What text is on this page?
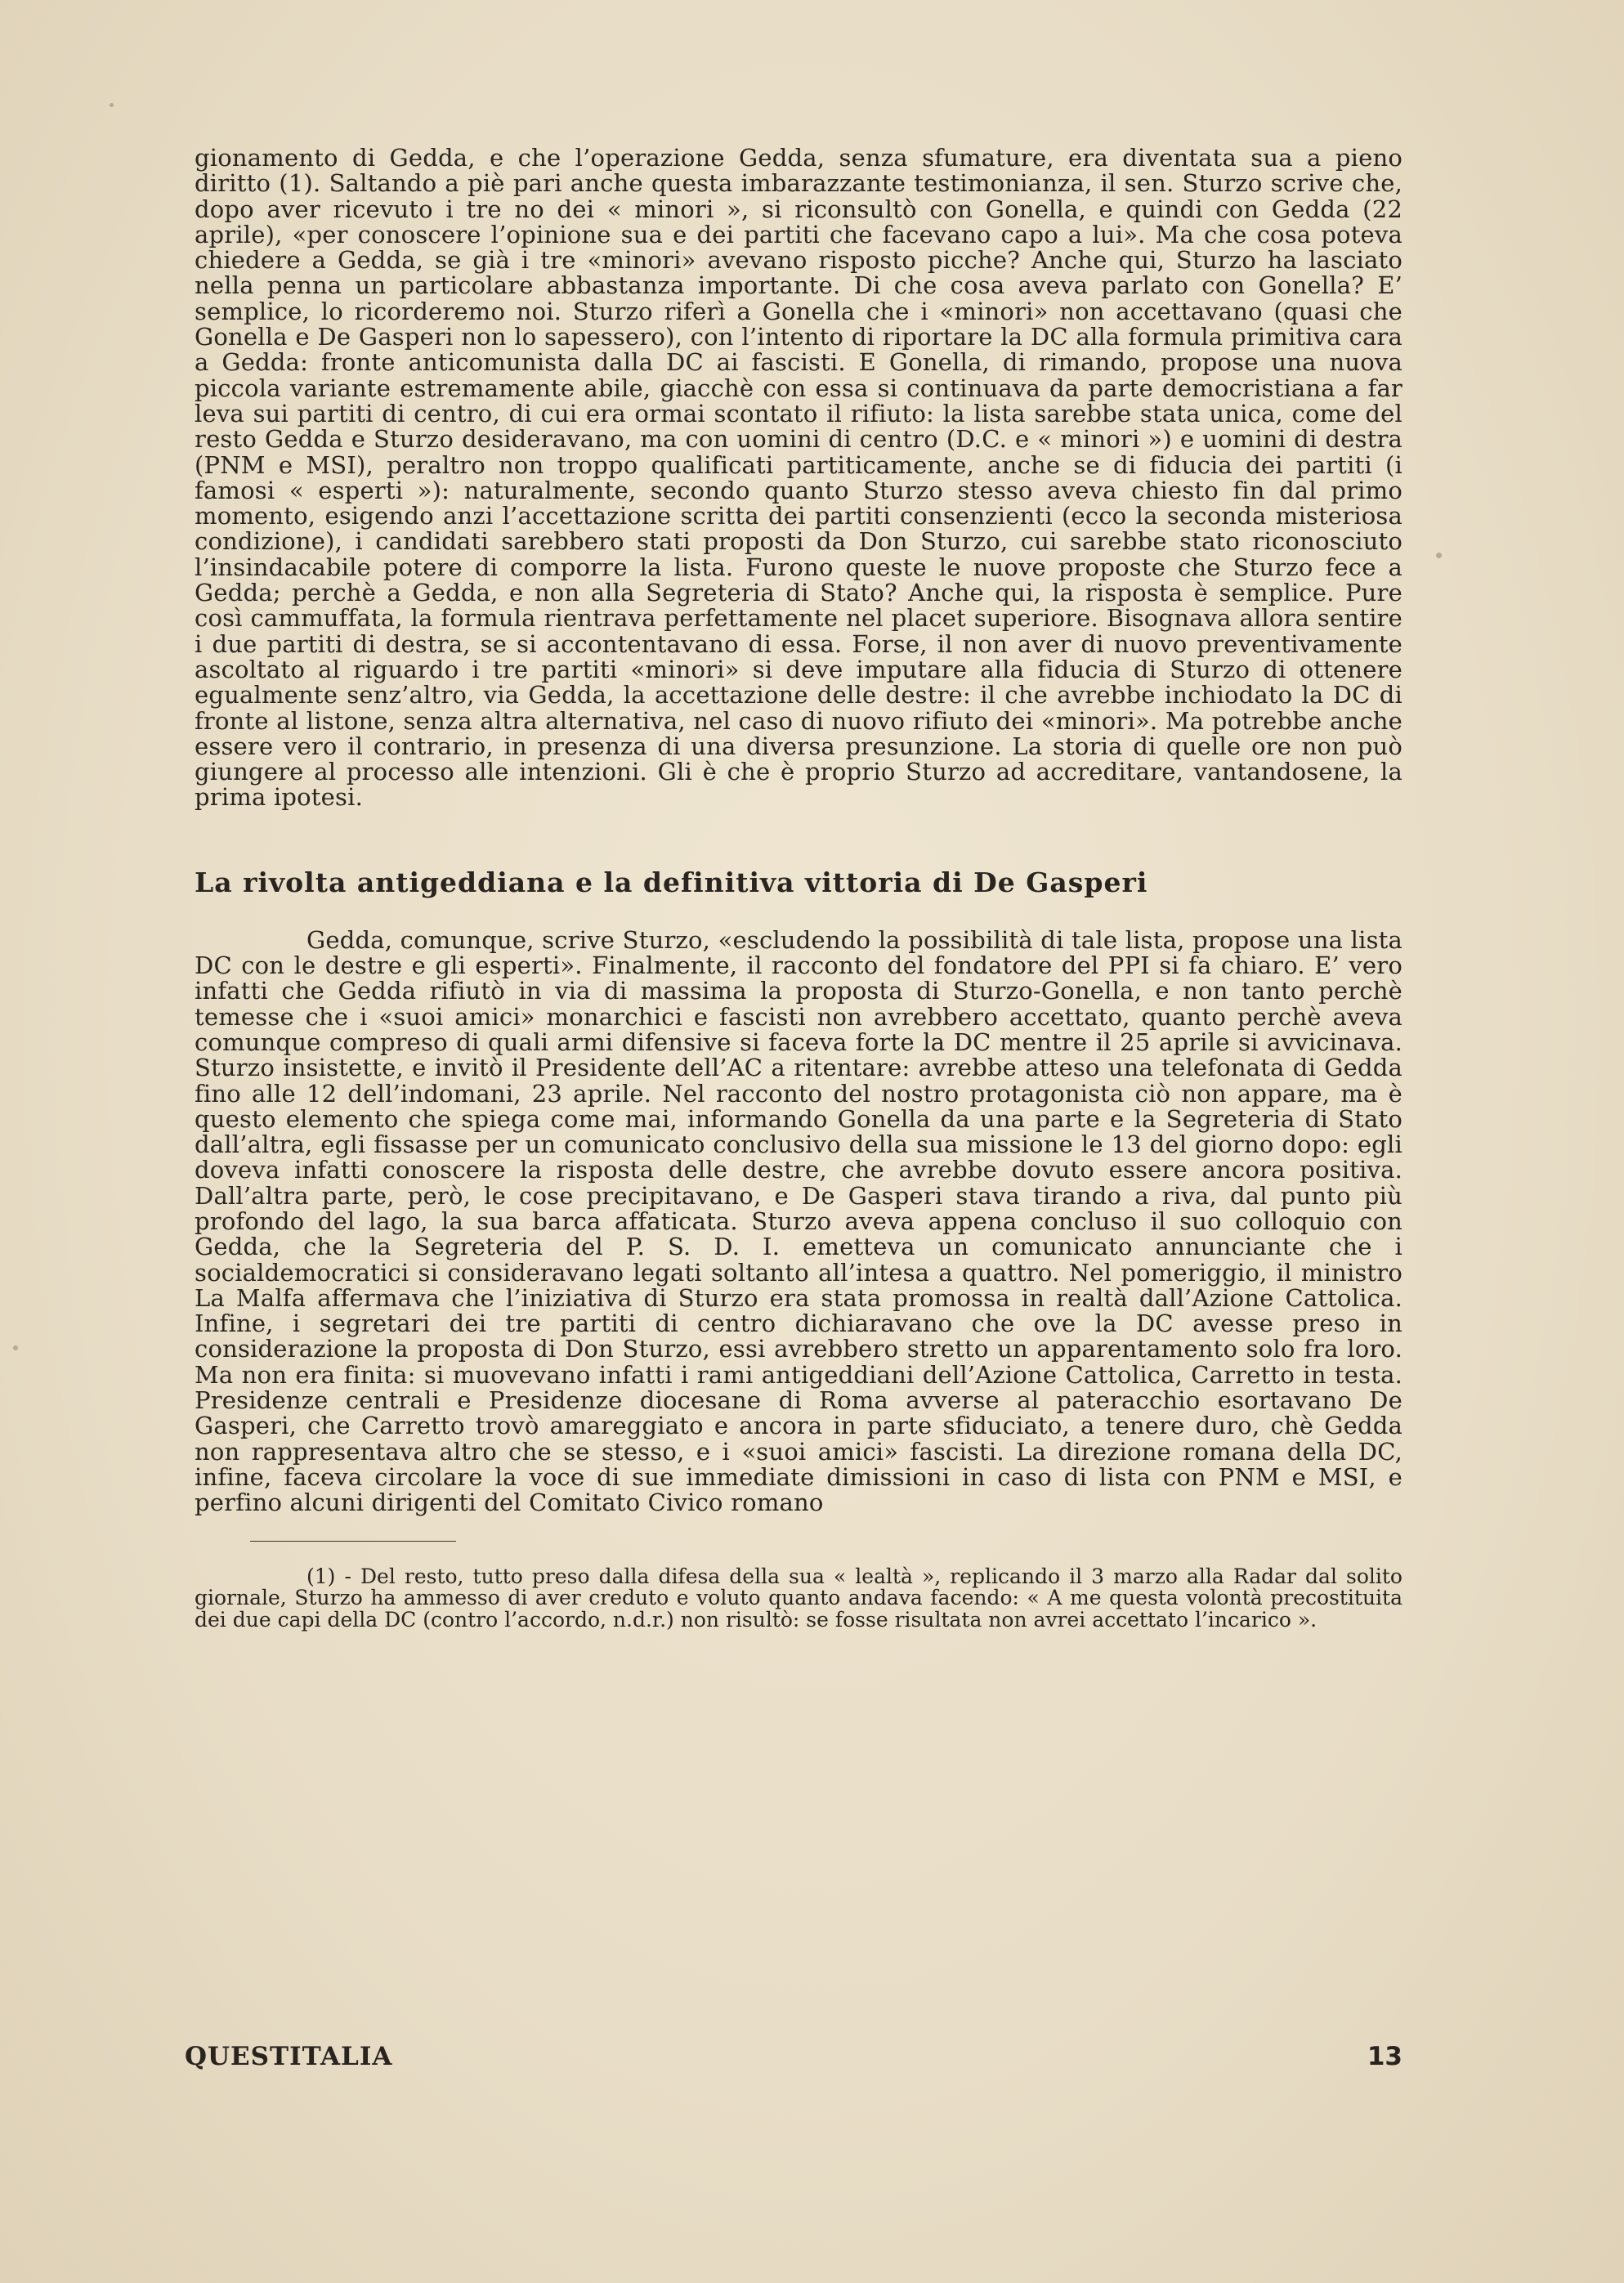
gionamento di Gedda, e che l’operazione Gedda, senza sfumature, era diventata sua a pieno diritto (1). Saltando a piè pari anche questa imbarazzante testimonianza, il sen. Sturzo scrive che, dopo aver ricevuto i tre no dei « minori », si riconsultò con Gonella, e quindi con Gedda (22 aprile), «per conoscere l’opinione sua e dei partiti che facevano capo a lui». Ma che cosa poteva chiedere a Gedda, se già i tre «minori» avevano risposto picche? Anche qui, Sturzo ha lasciato nella penna un particolare abbastanza importante. Di che cosa aveva parlato con Gonella? E’ semplice, lo ricorderemo noi. Sturzo riferì a Gonella che i «minori» non accettavano (quasi che Gonella e De Gasperi non lo sapessero), con l’intento di riportare la DC alla formula primitiva cara a Gedda: fronte anticomunista dalla DC ai fascisti. E Gonella, di rimando, propose una nuova piccola variante estremamente abile, giacchè con essa si continuava da parte democristiana a far leva sui partiti di centro, di cui era ormai scontato il rifiuto: la lista sarebbe stata unica, come del resto Gedda e Sturzo desideravano, ma con uomini di centro (D.C. e « minori ») e uomini di destra (PNM e MSI), peraltro non troppo qualificati partiticamente, anche se di fiducia dei partiti (i famosi « esperti »): naturalmente, secondo quanto Sturzo stesso aveva chiesto fin dal primo momento, esigendo anzi l’accettazione scritta dei partiti consenzienti (ecco la seconda misteriosa condizione), i candidati sarebbero stati proposti da Don Sturzo, cui sarebbe stato riconosciuto l’insindacabile potere di comporre la lista. Furono queste le nuove proposte che Sturzo fece a Gedda; perchè a Gedda, e non alla Segreteria di Stato? Anche qui, la risposta è semplice. Pure così cammuffata, la formula rientrava perfettamente nel placet superiore. Bisognava allora sentire i due partiti di destra, se si accontentavano di essa. Forse, il non aver di nuovo preventivamente ascoltato al riguardo i tre partiti «minori» si deve imputare alla fiducia di Sturzo di ottenere egualmente senz’altro, via Gedda, la accettazione delle destre: il che avrebbe inchiodato la DC di fronte al listone, senza altra alternativa, nel caso di nuovo rifiuto dei «minori». Ma potrebbe anche essere vero il contrario, in presenza di una diversa presunzione. La storia di quelle ore non può giungere al processo alle intenzioni. Gli è che è proprio Sturzo ad accreditare, vantandosene, la prima ipotesi.

La rivolta antigeddiana e la definitiva vittoria di De Gasperi

Gedda, comunque, scrive Sturzo, «escludendo la possibilità di tale lista, propose una lista DC con le destre e gli esperti». Finalmente, il racconto del fondatore del PPI si fa chiaro. E’ vero infatti che Gedda rifiutò in via di massima la proposta di Sturzo-Gonella, e non tanto perchè temesse che i «suoi amici» monarchici e fascisti non avrebbero accettato, quanto perchè aveva comunque compreso di quali armi difensive si faceva forte la DC mentre il 25 aprile si avvicinava. Sturzo insistette, e invitò il Presidente dell’AC a ritentare: avrebbe atteso una telefonata di Gedda fino alle 12 dell’indomani, 23 aprile. Nel racconto del nostro protagonista ciò non appare, ma è questo elemento che spiega come mai, informando Gonella da una parte e la Segreteria di Stato dall’altra, egli fissasse per un comunicato conclusivo della sua missione le 13 del giorno dopo: egli doveva infatti conoscere la risposta delle destre, che avrebbe dovuto essere ancora positiva. Dall’altra parte, però, le cose precipitavano, e De Gasperi stava tirando a riva, dal punto più profondo del lago, la sua barca affaticata. Sturzo aveva appena concluso il suo colloquio con Gedda, che la Segreteria del P. S. D. I. emetteva un comunicato annunciante che i socialdemocratici si consideravano legati soltanto all’intesa a quattro. Nel pomeriggio, il ministro La Malfa affermava che l’iniziativa di Sturzo era stata promossa in realtà dall’Azione Cattolica. Infine, i segretari dei tre partiti di centro dichiaravano che ove la DC avesse preso in considerazione la proposta di Don Sturzo, essi avrebbero stretto un apparentamento solo fra loro. Ma non era finita: si muovevano infatti i rami antigeddiani dell’Azione Cattolica, Carretto in testa. Presidenze centrali e Presidenze diocesane di Roma avverse al pateracchio esortavano De Gasperi, che Carretto trovò amareggiato e ancora in parte sfiduciato, a tenere duro, chè Gedda non rappresentava altro che se stesso, e i «suoi amici» fascisti. La direzione romana della DC, infine, faceva circolare la voce di sue immediate dimissioni in caso di lista con PNM e MSI, e perfino alcuni dirigenti del Comitato Civico romano

(1) - Del resto, tutto preso dalla difesa della sua « lealtà », replicando il 3 marzo alla Radar dal solito giornale, Sturzo ha ammesso di aver creduto e voluto quanto andava facendo: « A me questa volontà precostituita dei due capi della DC (contro l’accordo, n.d.r.) non risultò: se fosse risultata non avrei accettato l’incarico ».

QUESTITALIA	13
